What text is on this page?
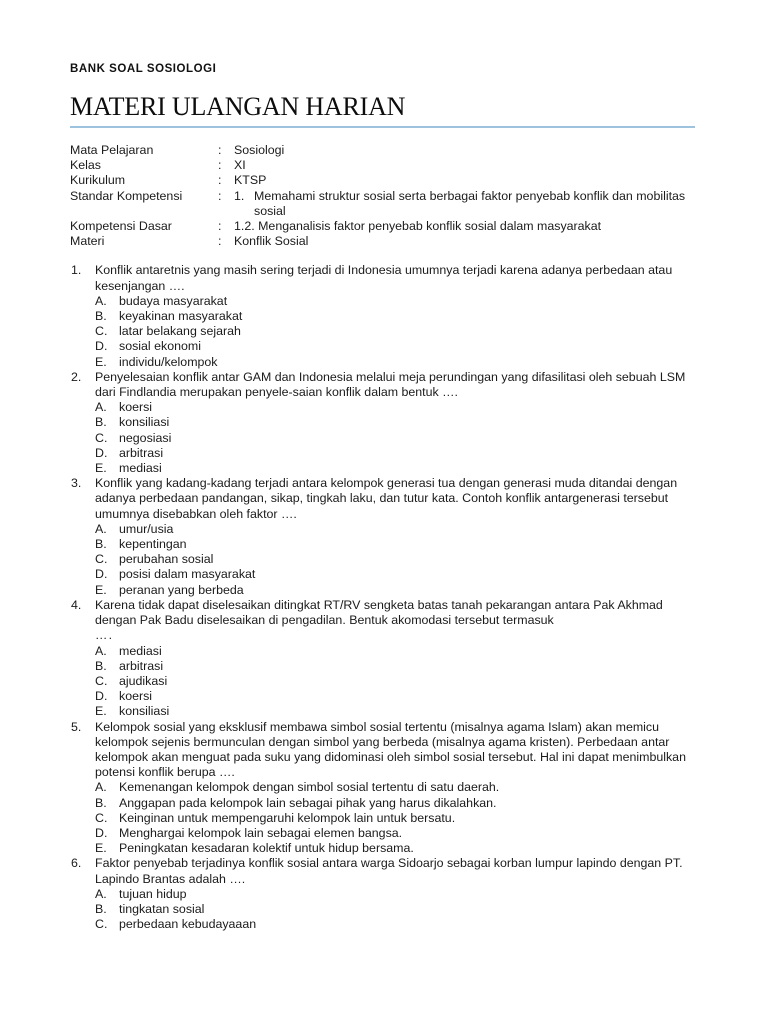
BANK SOAL SOSIOLOGI
MATERI ULANGAN HARIAN
Mata Pelajaran	:	Sosiologi
Kelas	:	XI
Kurikulum	:	KTSP
Standar Kompetensi	:	1. Memahami struktur sosial serta berbagai faktor penyebab konflik dan mobilitas sosial
Kompetensi Dasar	:	1.2. Menganalisis faktor penyebab konflik sosial dalam masyarakat
Materi	:	Konflik Sosial
1.	Konflik antaretnis yang masih sering terjadi di Indonesia umumnya terjadi karena adanya perbedaan atau kesenjangan ….
A. budaya masyarakat
B. keyakinan masyarakat
C. latar belakang sejarah
D. sosial ekonomi
E. individu/kelompok
2.	Penyelesaian konflik antar GAM dan Indonesia melalui meja perundingan yang difasilitasi oleh sebuah LSM dari Findlandia merupakan penyele-saian konflik dalam bentuk ….
A. koersi
B. konsiliasi
C. negosiasi
D. arbitrasi
E. mediasi
3.	Konflik yang kadang-kadang terjadi antara kelompok generasi tua dengan generasi muda ditandai dengan adanya perbedaan pandangan, sikap, tingkah laku, dan tutur kata. Contoh konflik antargenerasi tersebut umumnya disebabkan oleh faktor ….
A. umur/usia
B. kepentingan
C. perubahan sosial
D. posisi dalam masyarakat
E. peranan yang berbeda
4.	Karena tidak dapat diselesaikan ditingkat RT/RV sengketa batas tanah pekarangan antara Pak Akhmad dengan Pak Badu diselesaikan di pengadilan. Bentuk akomodasi tersebut termasuk
….
A. mediasi
B. arbitrasi
C. ajudikasi
D. koersi
E. konsiliasi
5.	Kelompok sosial yang eksklusif membawa simbol sosial tertentu (misalnya agama Islam) akan memicu kelompok sejenis bermunculan dengan simbol yang berbeda (misalnya agama kristen). Perbedaan antar kelompok akan menguat pada suku yang didominasi oleh simbol sosial tersebut. Hal ini dapat menimbulkan potensi konflik berupa ….
A. Kemenangan kelompok dengan simbol sosial tertentu di satu daerah.
B. Anggapan pada kelompok lain sebagai pihak yang harus dikalahkan.
C. Keinginan untuk mempengaruhi kelompok lain untuk bersatu.
D. Menghargai kelompok lain sebagai elemen bangsa.
E. Peningkatan kesadaran kolektif untuk hidup bersama.
6.	Faktor penyebab terjadinya konflik sosial antara warga Sidoarjo sebagai korban lumpur lapindo dengan PT. Lapindo Brantas adalah ….
A. tujuan hidup
B. tingkatan sosial
C. perbedaan kebudayaaan
